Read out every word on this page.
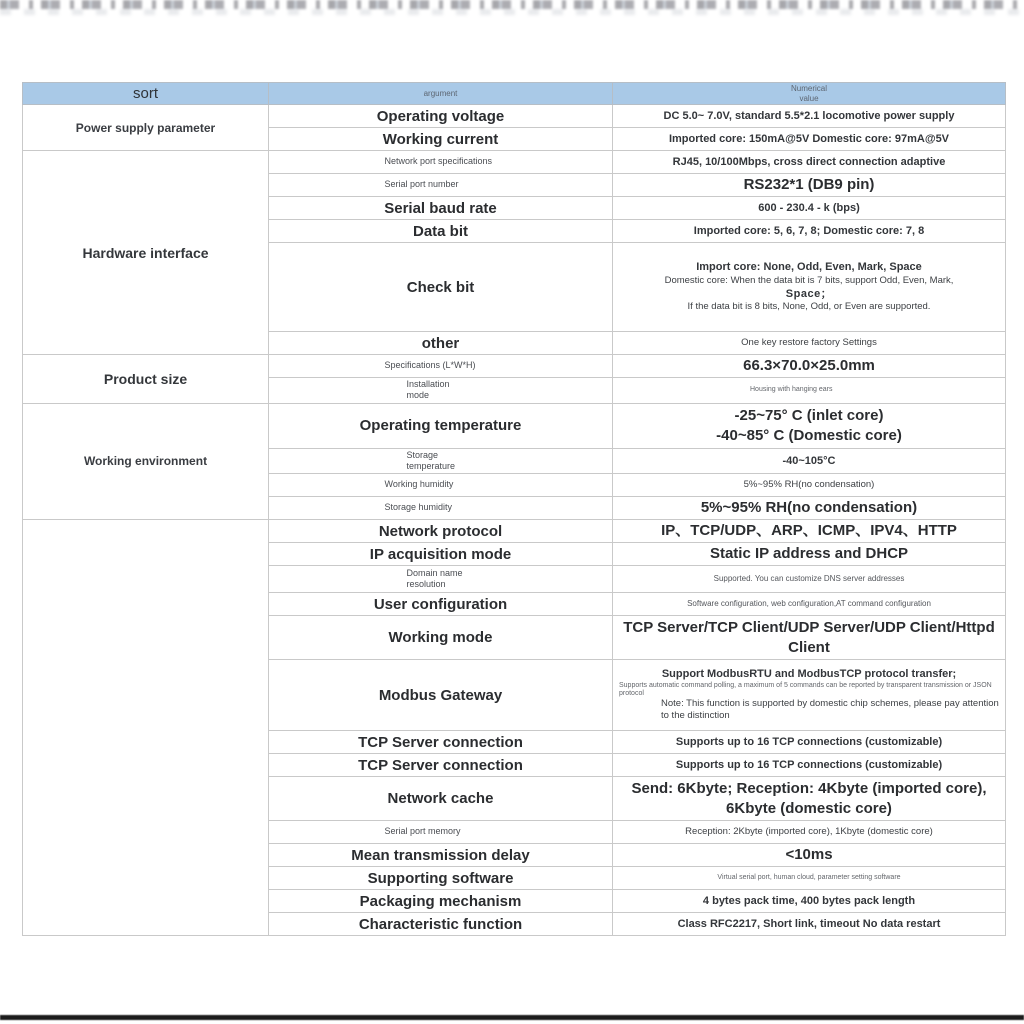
sort	argument	Numerical value

Power supply parameter	Operating voltage	DC 5.0~ 7.0V, standard 5.5*2.1 locomotive power supply
	Working current	Imported core: 150mA@5V Domestic core: 97mA@5V
Hardware interface	Network port specifications	RJ45, 10/100Mbps, cross direct connection adaptive

	Serial port number	RS232*1 (DB9 pin)
	Serial baud rate	600 - 230.4 - k (bps)
	Data bit	Imported core: 5, 6, 7, 8; Domestic core: 7, 8
	Check bit	Import core: None, Odd, Even, Mark, Space
Domestic core: When the data bit is 7 bits, support Odd, Even, Mark,
Space；
If the data bit is 8 bits, None, Odd, or Even are supported.

	other	One key restore factory Settings
Product size	Specifications (L*W*H)	66.3×70.0×25.0mm

	Installation mode	Housing with hanging ears

Working environment	Operating temperature	-25~75° C (inlet core)
-40~85° C (Domestic core)

	Storage temperature	-40~105°C

	Working humidity	5%~95% RH(no condensation)

	Storage humidity	5%~95% RH(no condensation)
	Network protocol	IP、TCP/UDP、ARP、ICMP、IPV4、HTTP
	IP acquisition mode	Static IP address and DHCP

	Domain name resolution	Supported. You can customize DNS server addresses
	User configuration	Software configuration, web configuration,AT command configuration
	Working mode	TCP Server/TCP Client/UDP Server/UDP Client/Httpd Client
	Modbus Gateway	Support ModbusRTU and ModbusTCP protocol transfer;
Supports automatic command polling, a maximum of 5 commands can be reported by transparent transmission or JSON protocol
Note: This function is supported by domestic chip schemes, please pay attention to the distinction

	TCP Server connection	Supports up to 16 TCP connections (customizable)
	TCP Server connection	Supports up to 16 TCP connections (customizable)
	Network cache	Send: 6Kbyte; Reception: 4Kbyte (imported core), 6Kbyte (domestic core)

	Serial port memory	Reception: 2Kbyte (imported core), 1Kbyte (domestic core)
	Mean transmission delay	<10ms
	Supporting software	Virtual serial port, human cloud, parameter setting software
	Packaging mechanism	4 bytes pack time, 400 bytes pack length
	Characteristic function	Class RFC2217, Short link, timeout No data restart
